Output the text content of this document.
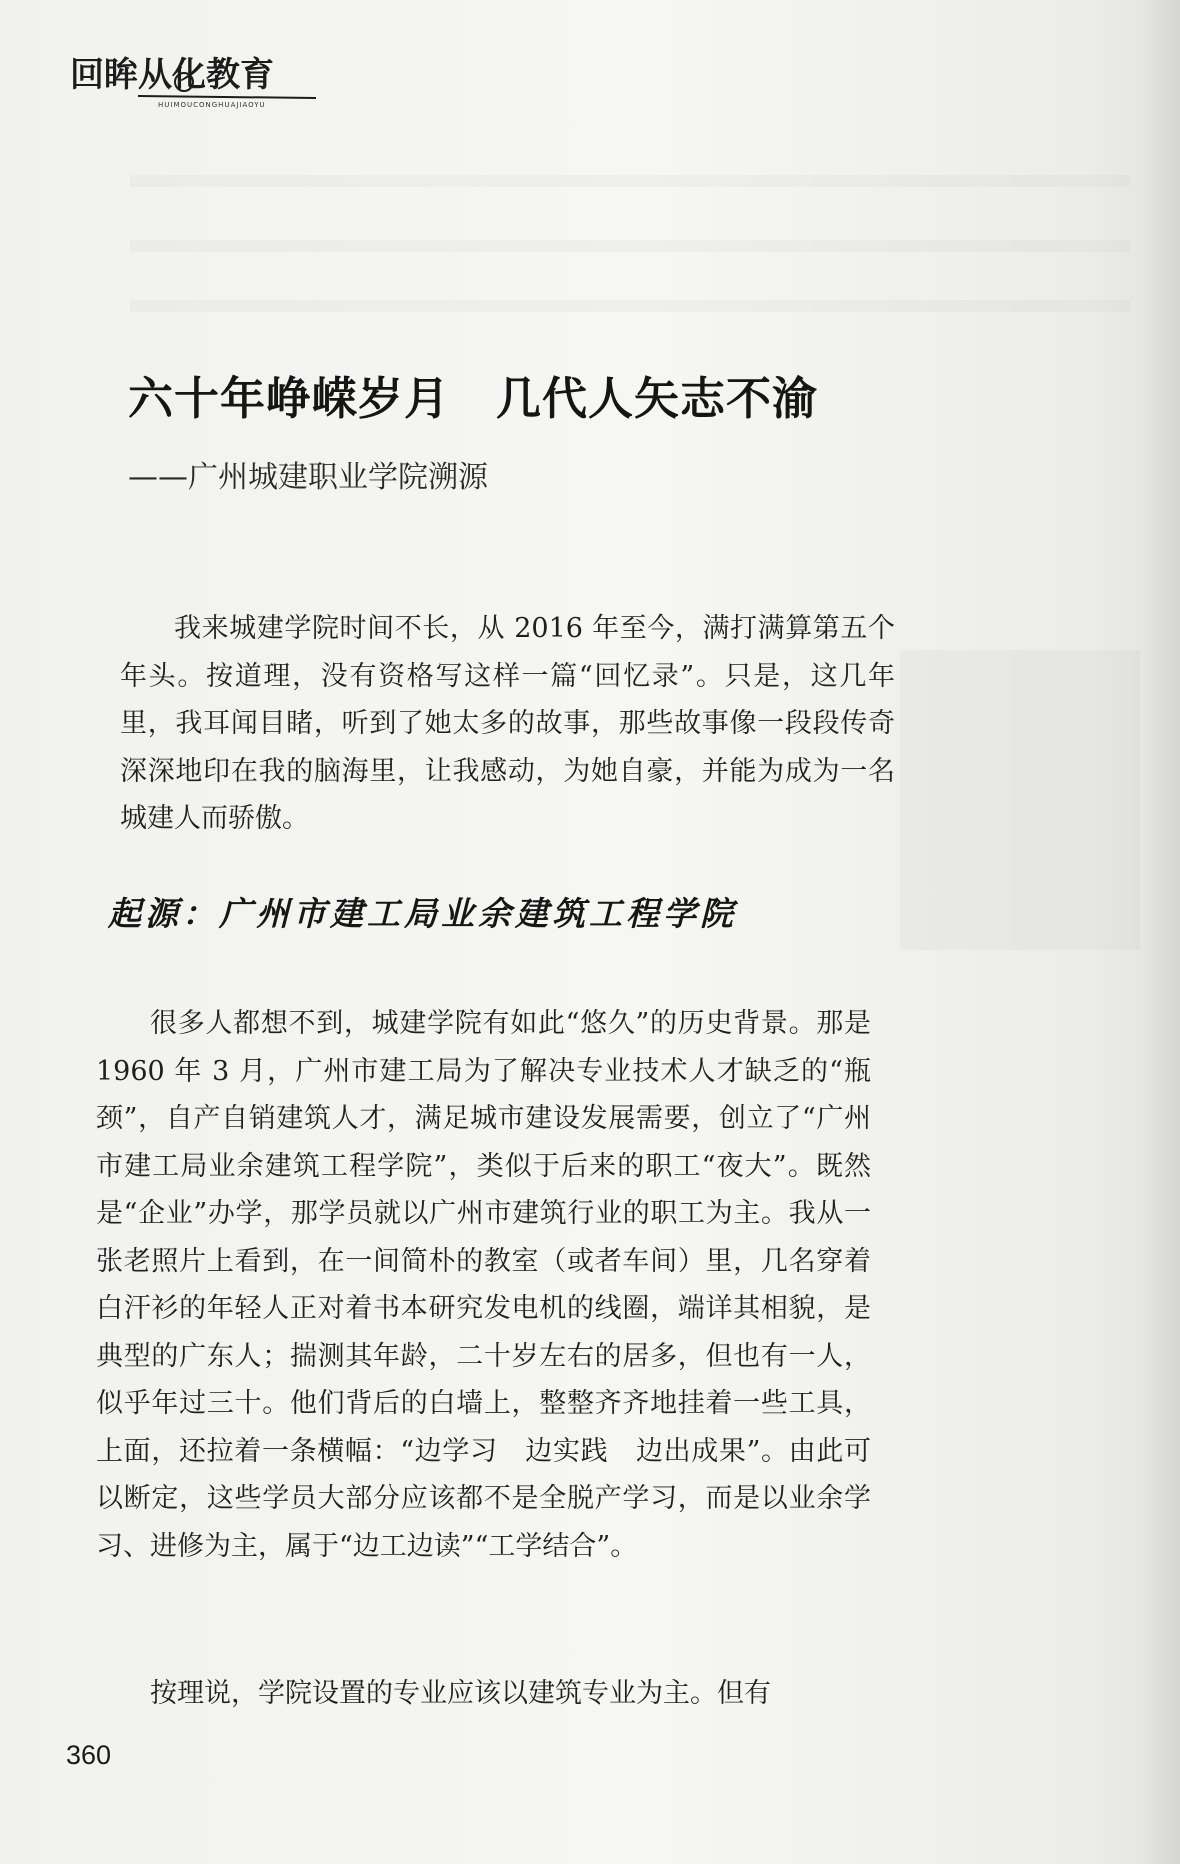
回眸从化教育
HUIMOUCONGHUAJIAOYU
六十年峥嵘岁月　几代人矢志不渝
——广州城建职业学院溯源
我来城建学院时间不长，从 2016 年至今，满打满算第五个年头。按道理，没有资格写这样一篇“回忆录”。只是，这几年里，我耳闻目睹，听到了她太多的故事，那些故事像一段段传奇深深地印在我的脑海里，让我感动，为她自豪，并能为成为一名城建人而骄傲。
起源：广州市建工局业余建筑工程学院
很多人都想不到，城建学院有如此“悠久”的历史背景。那是 1960 年 3 月，广州市建工局为了解决专业技术人才缺乏的“瓶颈”，自产自销建筑人才，满足城市建设发展需要，创立了“广州市建工局业余建筑工程学院”，类似于后来的职工“夜大”。既然是“企业”办学，那学员就以广州市建筑行业的职工为主。我从一张老照片上看到，在一间简朴的教室（或者车间）里，几名穿着白汗衫的年轻人正对着书本研究发电机的线圈，端详其相貌，是典型的广东人；揣测其年龄，二十岁左右的居多，但也有一人，似乎年过三十。他们背后的白墙上，整整齐齐地挂着一些工具，上面，还拉着一条横幅：“边学习　边实践　边出成果”。由此可以断定，这些学员大部分应该都不是全脱产学习，而是以业余学习、进修为主，属于“边工边读”“工学结合”。
按理说，学院设置的专业应该以建筑专业为主。但有
360
